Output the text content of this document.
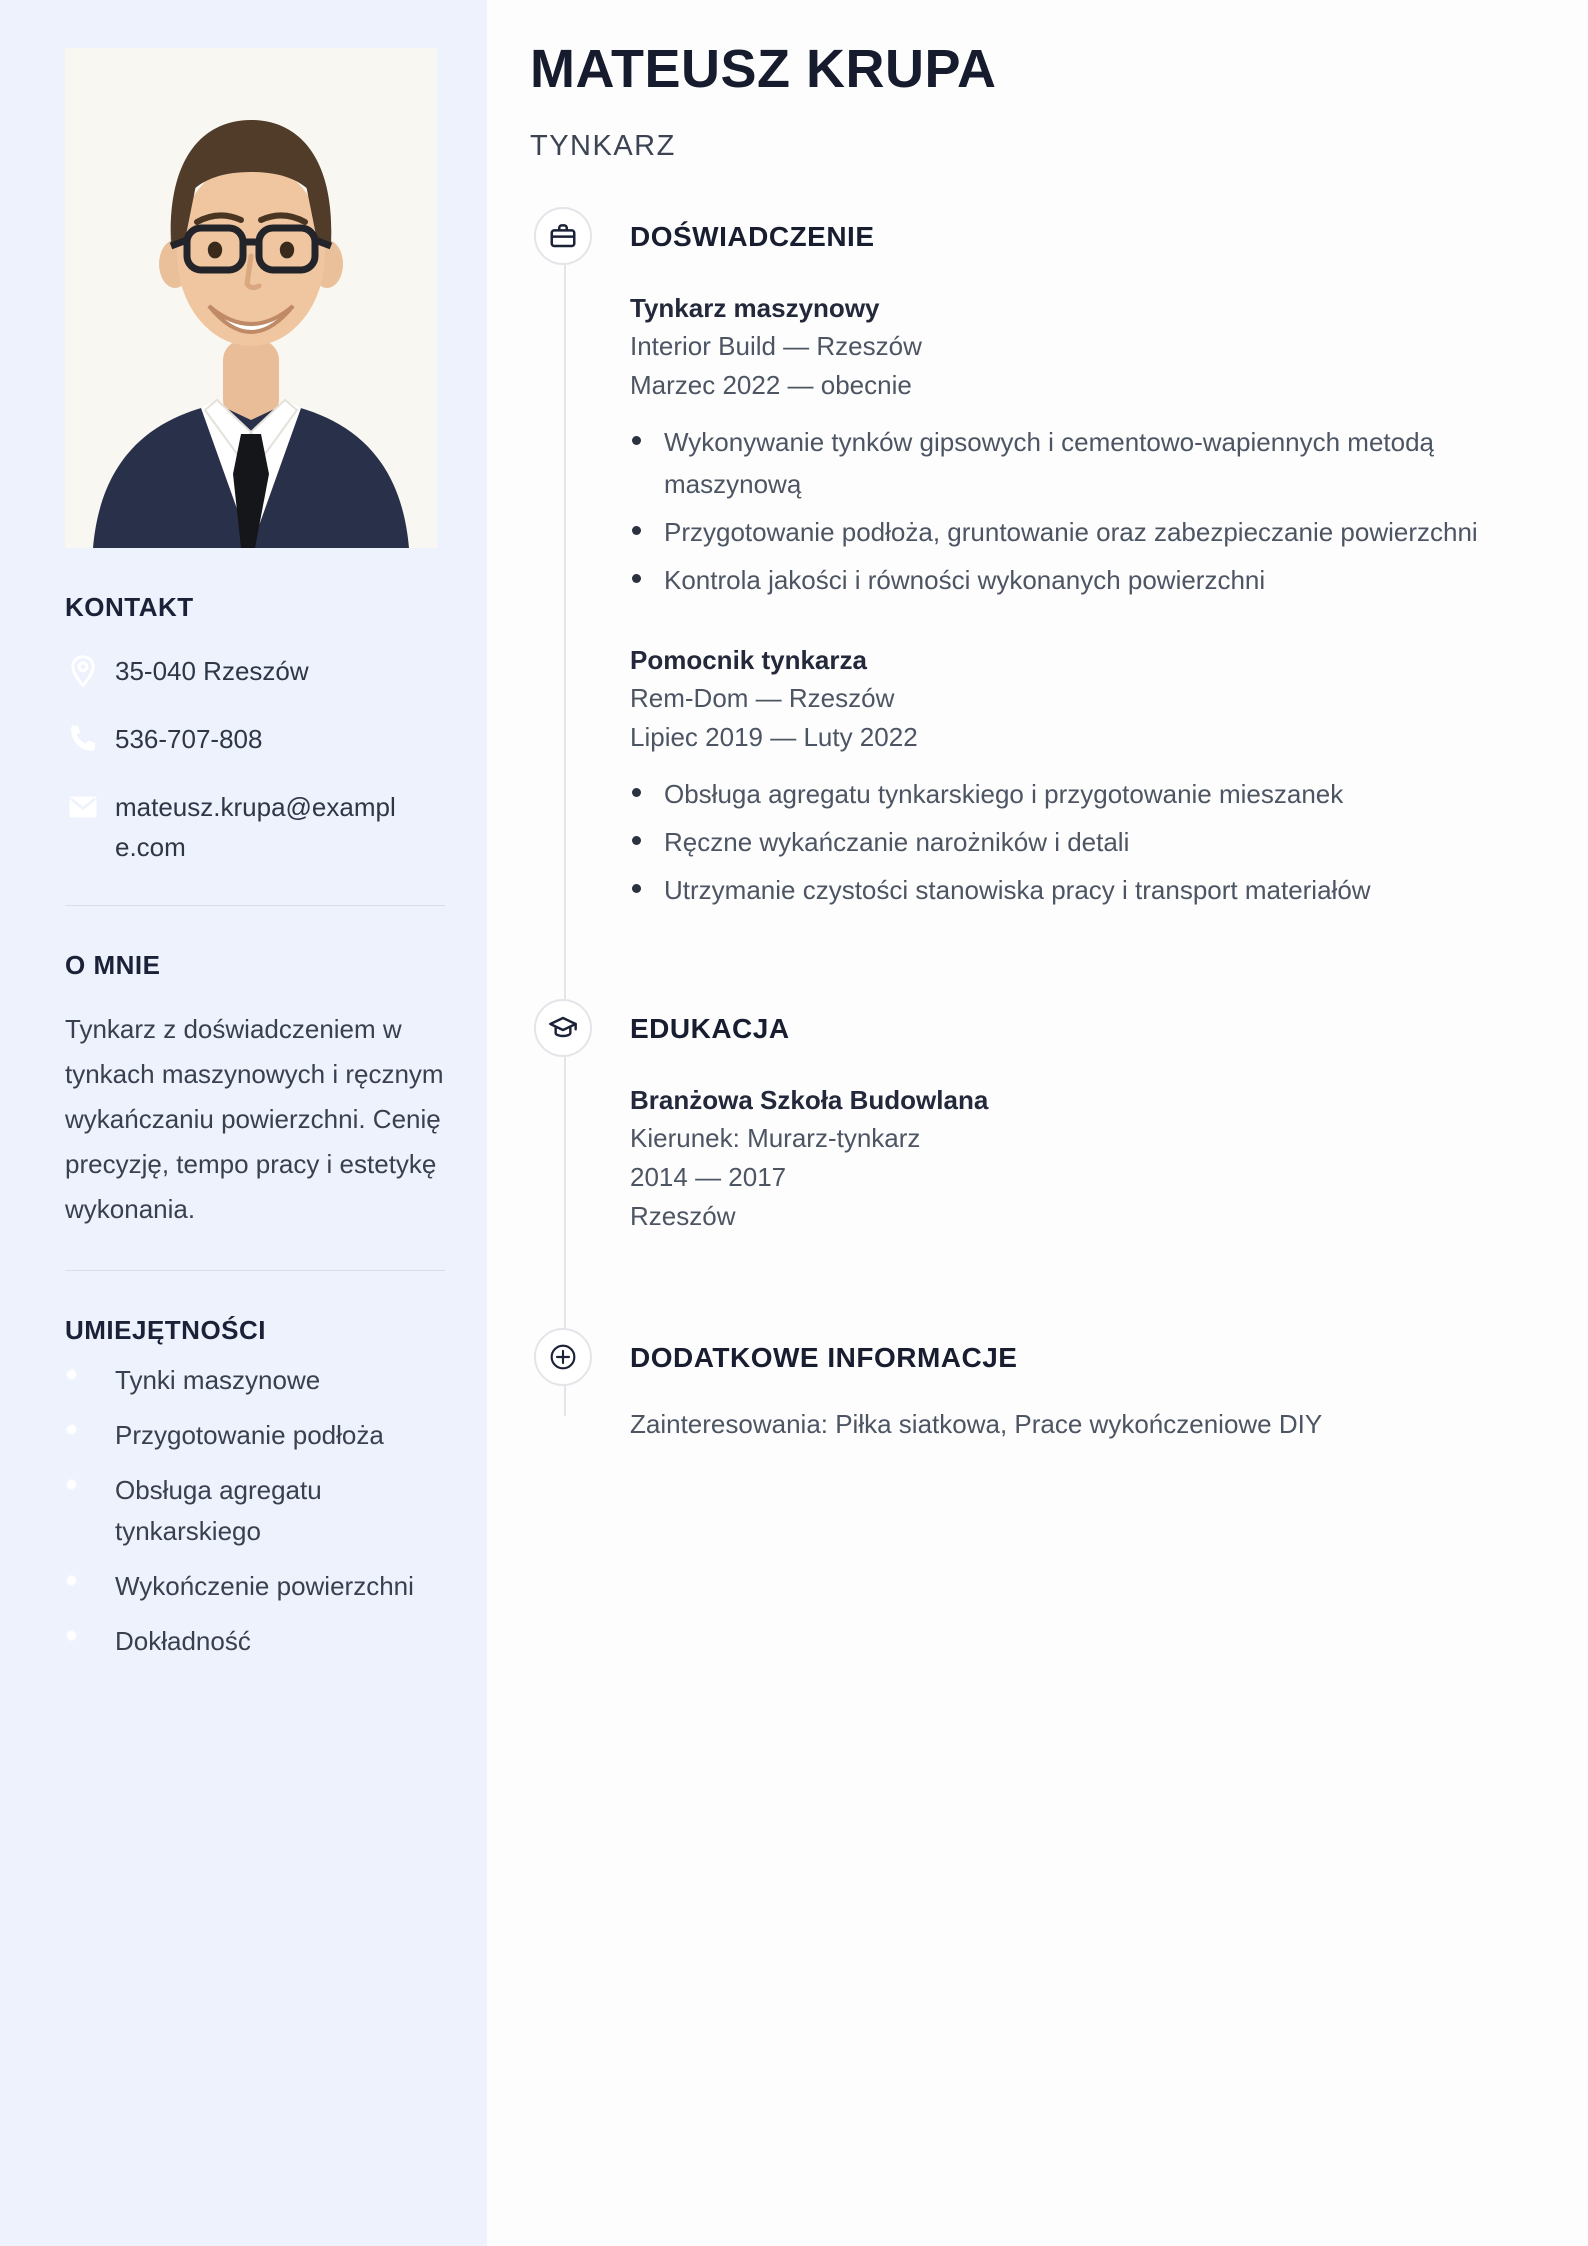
KONTAKT
35-040 Rzeszów
536-707-808
mateusz.krupa@example.com
O MNIE

Tynkarz z doświadczeniem w tynkach maszynowych i ręcznym wykańczaniu powierzchni. Cenię precyzję, tempo pracy i estetykę wykonania.

UMIEJĘTNOŚCI
Tynki maszynowe
Przygotowanie podłoża
Obsługa agregatu tynkarskiego
Wykończenie powierzchni
Dokładność
MATEUSZ KRUPA
TYNKARZ
DOŚWIADCZENIE
Tynkarz maszynowy
Interior Build — Rzeszów
Marzec 2022 — obecnie
Wykonywanie tynków gipsowych i cementowo-wapiennych metodą maszynową
Przygotowanie podłoża, gruntowanie oraz zabezpieczanie powierzchni
Kontrola jakości i równości wykonanych powierzchni
Pomocnik tynkarza
Rem-Dom — Rzeszów
Lipiec 2019 — Luty 2022
Obsługa agregatu tynkarskiego i przygotowanie mieszanek
Ręczne wykańczanie narożników i detali
Utrzymanie czystości stanowiska pracy i transport materiałów
EDUKACJA
Branżowa Szkoła Budowlana
Kierunek: Murarz-tynkarz
2014 — 2017
Rzeszów
DODATKOWE INFORMACJE
Zainteresowania: Piłka siatkowa, Prace wykończeniowe DIY
